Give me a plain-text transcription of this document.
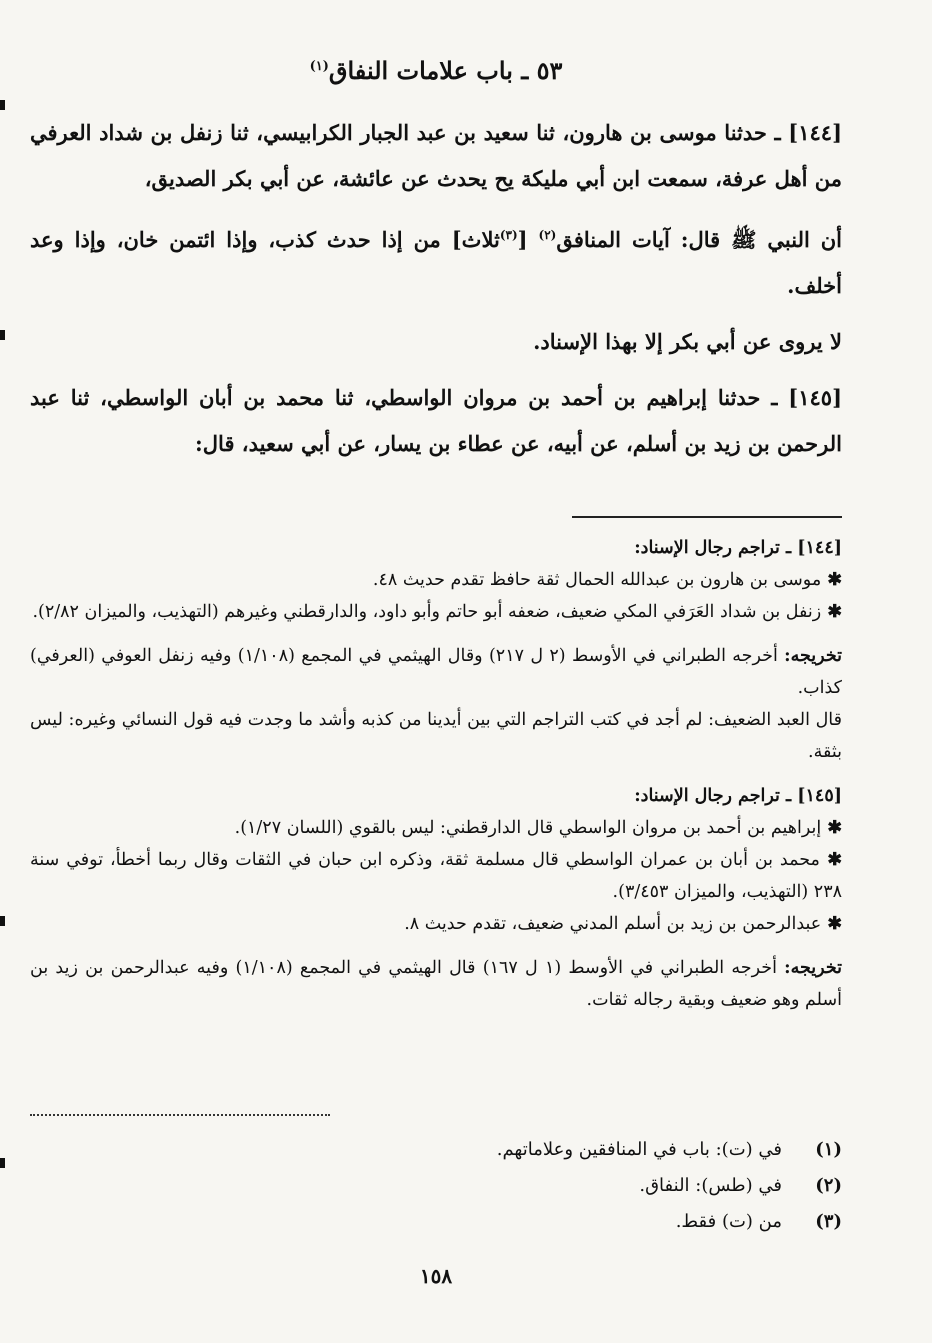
٥٣ ـ باب علامات النفاق$^{(١)}$

[١٤٤] ـ حدثنا موسى بن هارون، ثنا سعيد بن عبد الجبار الكرابيسي، ثنا زنفل بن شداد العرفي من أهل عرفة، سمعت ابن أبي مليكة يح يحدث عن عائشة، عن أبي بكر الصديق،

أن النبي ﷺ قال: آيات المنافق$^{(٢)}$ [$^{(٣)}$ثلاث] من إذا حدث كذب، وإذا ائتمن خان، وإذا وعد أخلف.

لا يروى عن أبي بكر إلا بهذا الإسناد.

[١٤٥] ـ حدثنا إبراهيم بن أحمد بن مروان الواسطي، ثنا محمد بن أبان الواسطي، ثنا عبد الرحمن بن زيد بن أسلم، عن أبيه، عن عطاء بن يسار، عن أبي سعيد، قال:

[١٤٤] ـ تراجم رجال الإسناد:

✱ موسى بن هارون بن عبدالله الحمال ثقة حافظ تقدم حديث ٤٨.

✱ زنفل بن شداد العَرَفي المكي ضعيف، ضعفه أبو حاتم وأبو داود، والدارقطني وغيرهم (التهذيب، والميزان ٢/٨٢).

تخريجه: أخرجه الطبراني في الأوسط (٢ ل ٢١٧) وقال الهيثمي في المجمع (١/١٠٨) وفيه زنفل العوفي (العرفي) كذاب.

قال العبد الضعيف: لم أجد في كتب التراجم التي بين أيدينا من كذبه وأشد ما وجدت فيه قول النسائي وغيره: ليس بثقة.

[١٤٥] ـ تراجم رجال الإسناد:

✱ إبراهيم بن أحمد بن مروان الواسطي قال الدارقطني: ليس بالقوي (اللسان ١/٢٧).

✱ محمد بن أبان بن عمران الواسطي قال مسلمة ثقة، وذكره ابن حبان في الثقات وقال ربما أخطأ، توفي سنة ٢٣٨ (التهذيب، والميزان ٣/٤٥٣).

✱ عبدالرحمن بن زيد بن أسلم المدني ضعيف، تقدم حديث ٨.

تخريجه: أخرجه الطبراني في الأوسط (١ ل ١٦٧) قال الهيثمي في المجمع (١/١٠٨) وفيه عبدالرحمن بن زيد بن أسلم وهو ضعيف وبقية رجاله ثقات.

(١)
في (ت): باب في المنافقين وعلاماتهم.
(٢)
في (طس): النفاق.
(٣)
من (ت) فقط.
١٥٨
